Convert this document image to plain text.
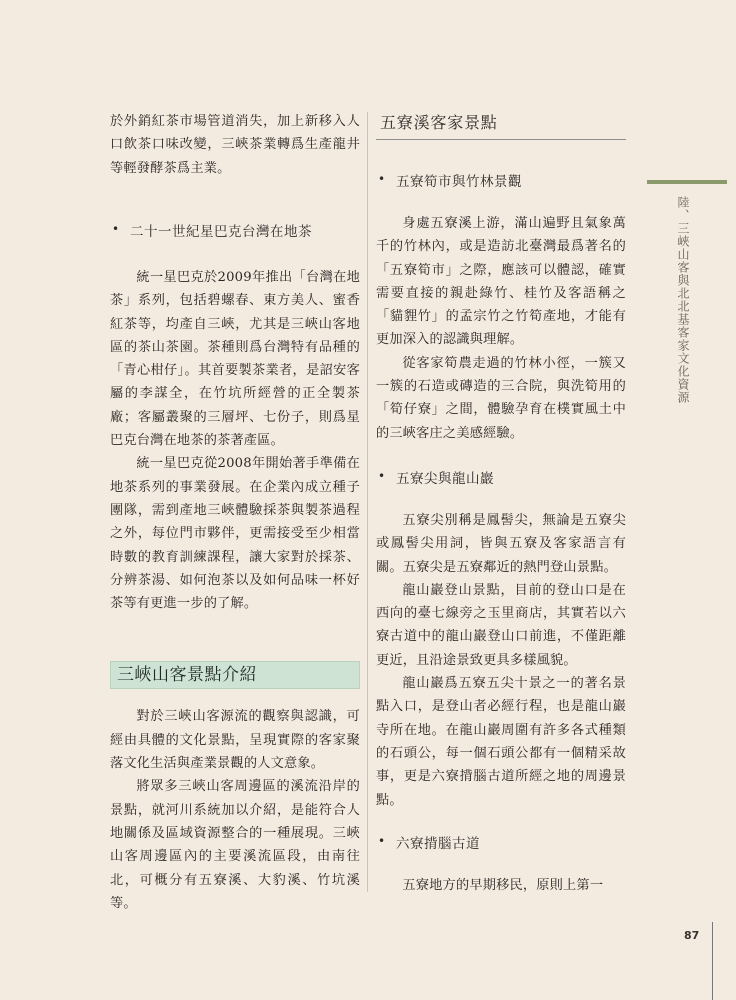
陸、三峽山客與北北基客家文化資源

於外銷紅茶市場管道消失，加上新移入人口飲茶口味改變，三峽茶業轉爲生產龍井等輕發酵茶爲主業。

• 二十一世紀星巴克台灣在地茶

統一星巴克於2009年推出「台灣在地茶」系列，包括碧螺春、東方美人、蜜香紅茶等，均產自三峽，尤其是三峽山客地區的茶山茶園。茶種則爲台灣特有品種的「青心柑仔」。其首要製茶業者，是詔安客屬的李謀全，在竹坑所經營的正全製茶廠；客屬叢聚的三層坪、七份子，則爲星巴克台灣在地茶的茶著產區。

統一星巴克從2008年開始著手準備在地茶系列的事業發展。在企業內成立種子團隊，需到產地三峽體驗採茶與製茶過程之外，每位門市夥伴，更需接受至少相當時數的教育訓練課程，讓大家對於採茶、分辨茶湯、如何泡茶以及如何品味一杯好茶等有更進一步的了解。

三峽山客景點介紹

對於三峽山客源流的觀察與認識，可經由具體的文化景點，呈現實際的客家聚落文化生活與產業景觀的人文意象。

將眾多三峽山客周邊區的溪流沿岸的景點，就河川系統加以介紹，是能符合人地關係及區域資源整合的一種展現。三峽山客周邊區內的主要溪流區段，由南往北，可概分有五寮溪、大豹溪、竹坑溪等。

五寮溪客家景點

• 五寮筍市與竹林景觀

身處五寮溪上游，滿山遍野且氣象萬千的竹林內，或是造訪北臺灣最爲著名的「五寮筍市」之際，應該可以體認，確實需要直接的親赴綠竹、桂竹及客語稱之「貓貍竹」的孟宗竹之竹筍產地，才能有更加深入的認識與理解。

從客家筍農走過的竹林小徑，一簇又一簇的石造或磚造的三合院，與洗筍用的「筍仔寮」之間，體驗孕育在樸實風土中的三峽客庄之美感經驗。

• 五寮尖與龍山巖

五寮尖別稱是鳳髻尖，無論是五寮尖或鳳髻尖用詞，皆與五寮及客家語言有關。五寮尖是五寮鄰近的熱門登山景點。

龍山巖登山景點，目前的登山口是在西向的臺七線旁之玉里商店，其實若以六寮古道中的龍山巖登山口前進，不僅距離更近，且沿途景致更具多樣風貌。

龍山巖爲五寮五尖十景之一的著名景點入口，是登山者必經行程，也是龍山巖寺所在地。在龍山巖周圍有許多各式種類的石頭公，每一個石頭公都有一個精采故事，更是六寮揹腦古道所經之地的周邊景點。

• 六寮揹腦古道

五寮地方的早期移民，原則上第一

87
